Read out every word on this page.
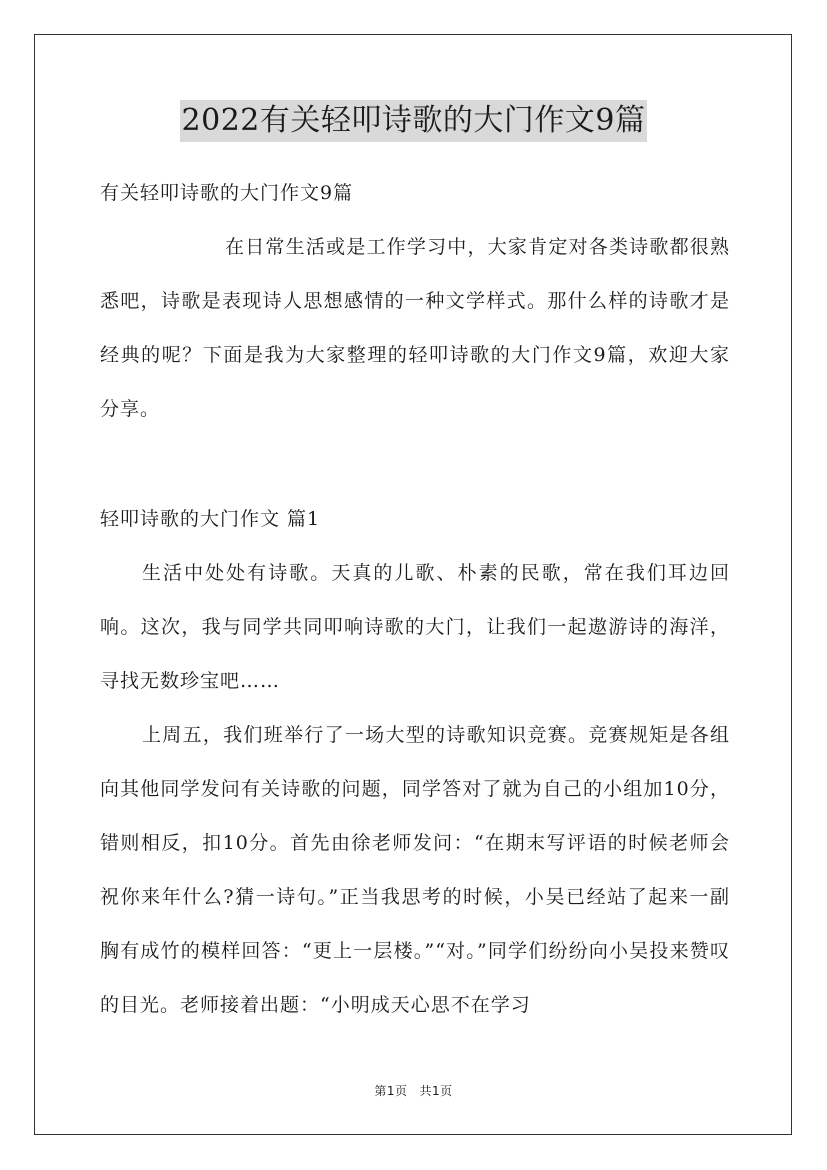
2022有关轻叩诗歌的大门作文9篇
有关轻叩诗歌的大门作文9篇
在日常生活或是工作学习中，大家肯定对各类诗歌都很熟悉吧，诗歌是表现诗人思想感情的一种文学样式。那什么样的诗歌才是经典的呢？下面是我为大家整理的轻叩诗歌的大门作文9篇，欢迎大家分享。
轻叩诗歌的大门作文 篇1

生活中处处有诗歌。天真的儿歌、朴素的民歌，常在我们耳边回响。这次，我与同学共同叩响诗歌的大门，让我们一起遨游诗的海洋，寻找无数珍宝吧……

上周五，我们班举行了一场大型的诗歌知识竞赛。竞赛规矩是各组向其他同学发问有关诗歌的问题，同学答对了就为自己的小组加10分，错则相反，扣10分。首先由徐老师发问：“在期末写评语的时候老师会祝你来年什么?猜一诗句。”正当我思考的时候，小吴已经站了起来一副胸有成竹的模样回答：“更上一层楼。”“对。”同学们纷纷向小吴投来赞叹的目光。老师接着出题：“小明成天心思不在学习

第1页 共1页
